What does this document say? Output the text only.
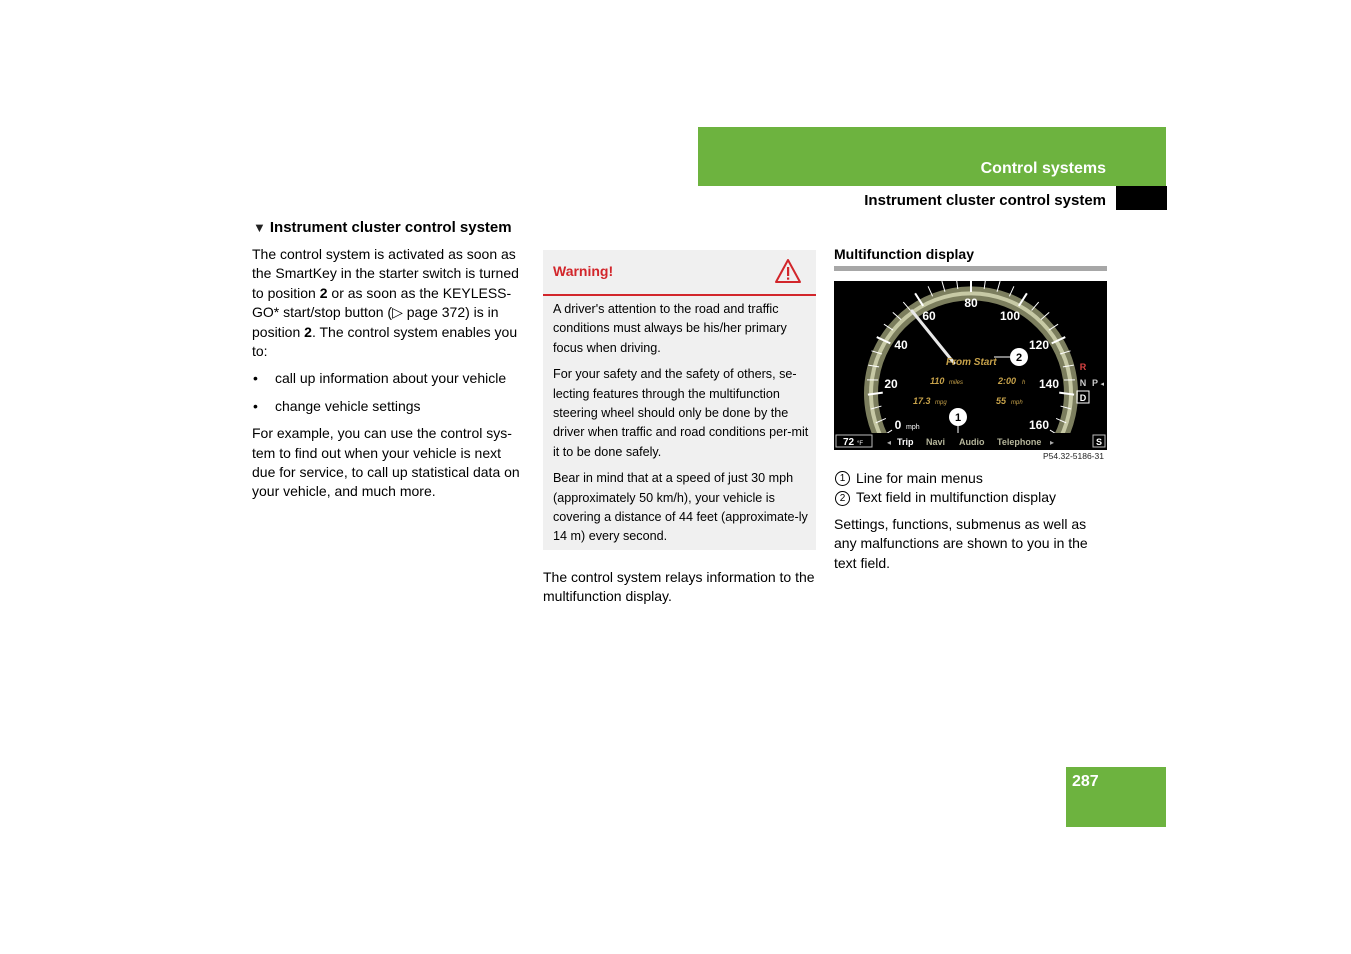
Control systems
Instrument cluster control system
▼ Instrument cluster control system

The control system is activated as soon as the SmartKey in the starter switch is turned to position 2 or as soon as the KEYLESS-GO* start/stop button (▷ page 372) is in position 2. The control system enables you to:

• call up information about your vehicle
• change vehicle settings

For example, you can use the control sys-tem to find out when your vehicle is next due for service, to call up statistical data on your vehicle, and much more.

Warning!

A driver's attention to the road and traffic conditions must always be his/her primary focus when driving.

For your safety and the safety of others, se-lecting features through the multifunction steering wheel should only be done by the driver when traffic and road conditions per-mit it to be done safely.

Bear in mind that at a speed of just 30 mph (approximately 50 km/h), your vehicle is covering a distance of 44 feet (approximate-ly 14 m) every second.

The control system relays information to the multifunction display.

Multifunction display
0
20
40
60
80
100
120
140
160
mph
From Start
110 miles	2:00 h
17.3 mpg	55 mph
2
1
R
N
D
P ◂
72 °F	◂ Trip Navi Audio Telephone ▸	S
P54.32-5186-31
1 Line for main menus
2 Text field in multifunction display

Settings, functions, submenus as well as any malfunctions are shown to you in the text field.

287
